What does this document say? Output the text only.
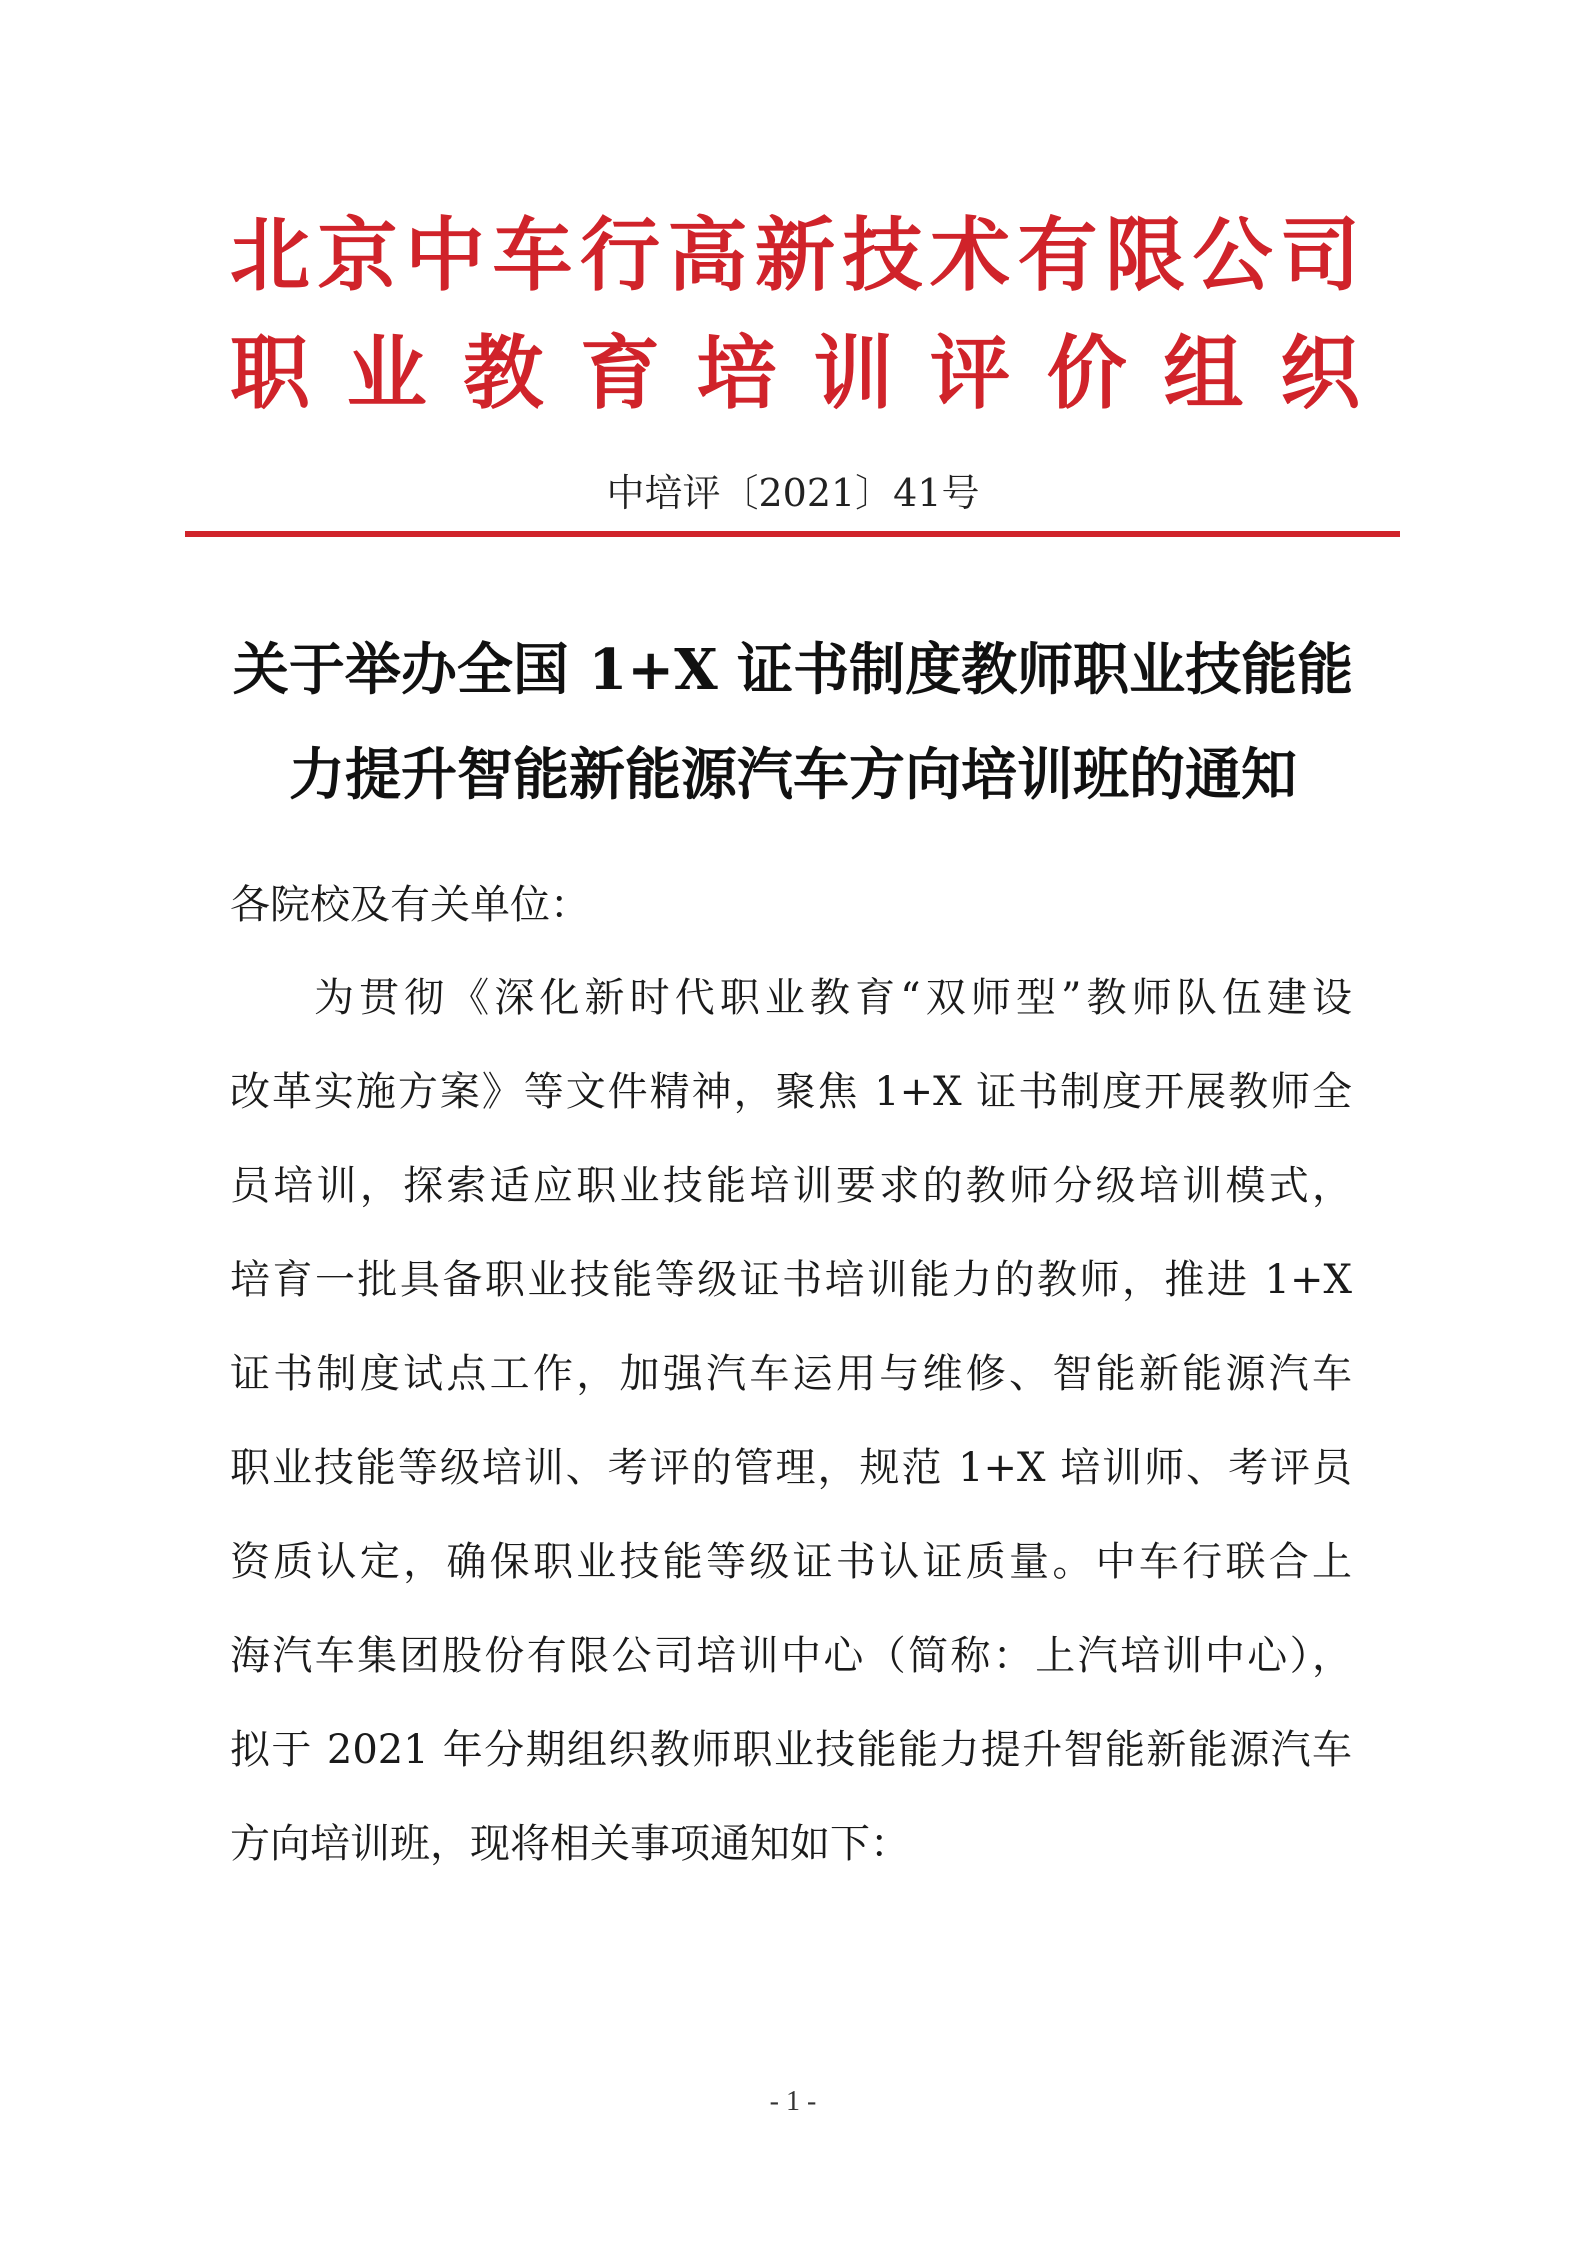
北京中车行高新技术有限公司
职业教育培训评价组织
中培评〔2021〕41号
关于举办全国 1+X 证书制度教师职业技能能
力提升智能新能源汽车方向培训班的通知
各院校及有关单位：
为贯彻《深化新时代职业教育“双师型”教师队伍建设
改革实施方案》等文件精神，聚焦 1+X 证书制度开展教师全
员培训，探索适应职业技能培训要求的教师分级培训模式，
培育一批具备职业技能等级证书培训能力的教师，推进 1+X
证书制度试点工作，加强汽车运用与维修、智能新能源汽车
职业技能等级培训、考评的管理，规范 1+X 培训师、考评员
资质认定，确保职业技能等级证书认证质量。中车行联合上
海汽车集团股份有限公司培训中心（简称：上汽培训中心），
拟于 2021 年分期组织教师职业技能能力提升智能新能源汽车
方向培训班，现将相关事项通知如下：
- 1 -
